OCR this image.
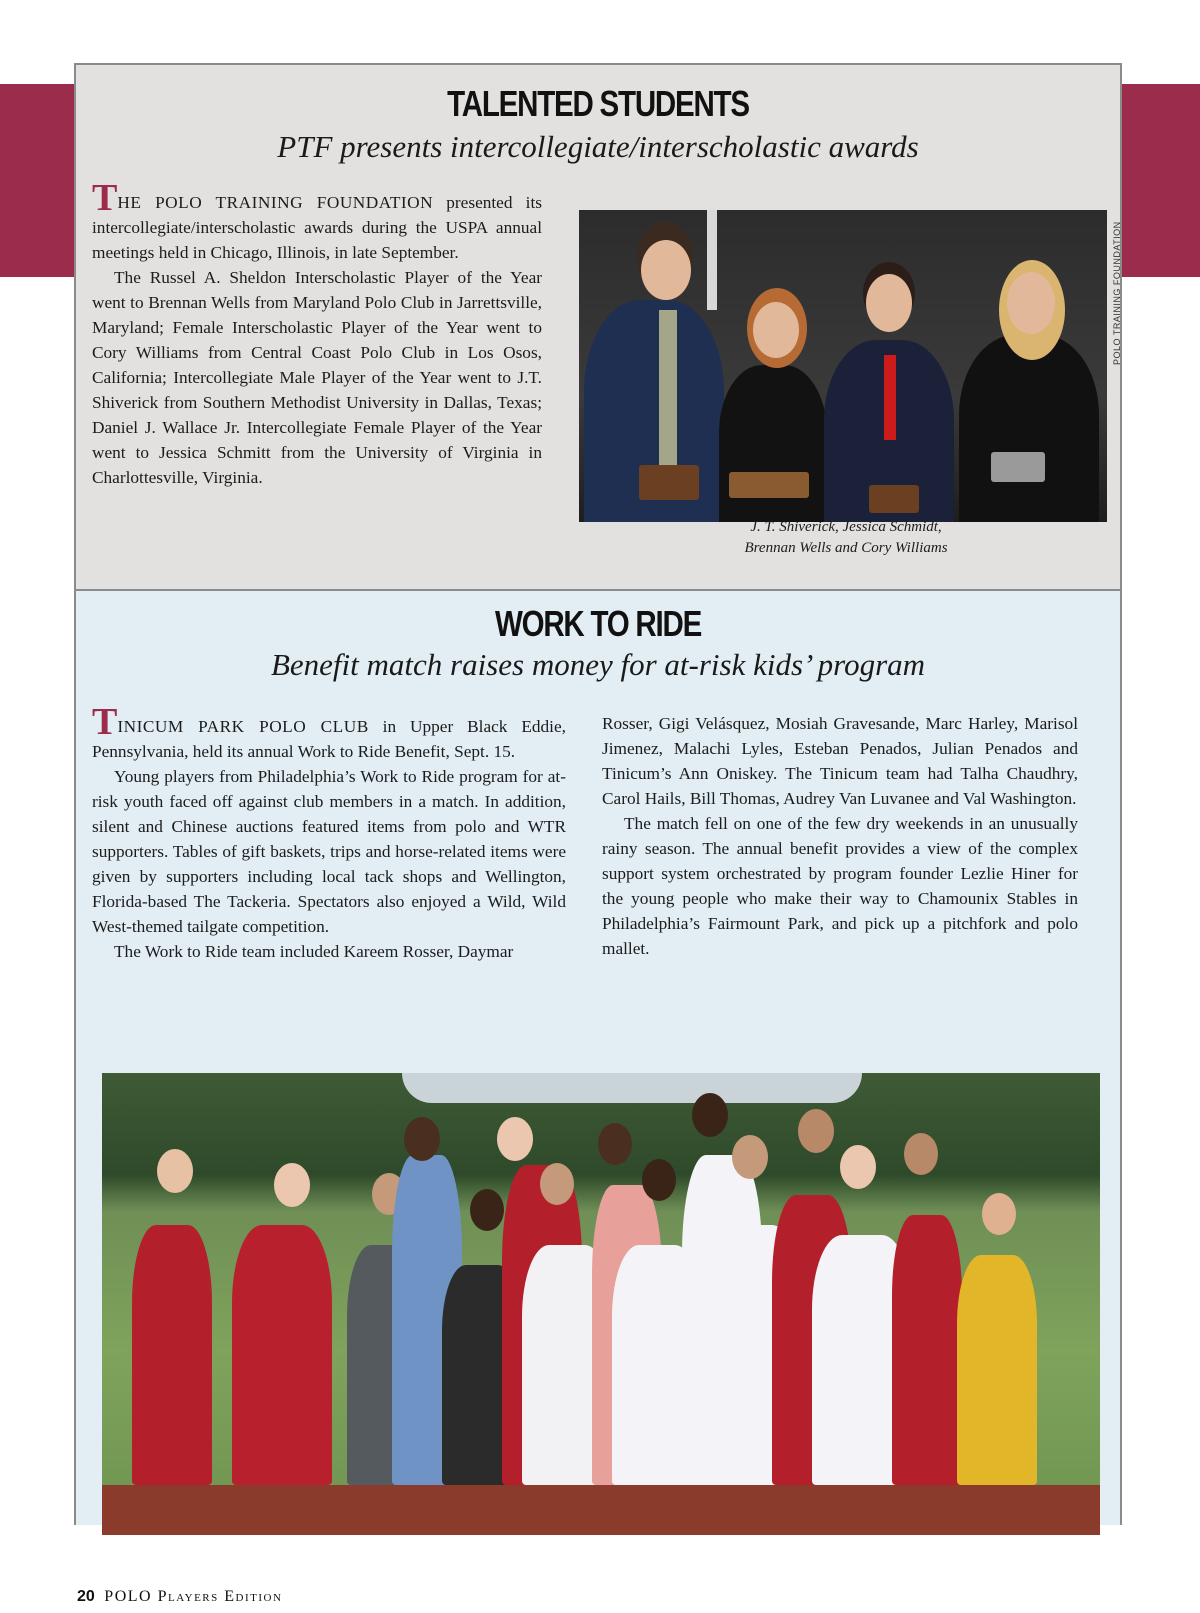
TALENTED STUDENTS
PTF presents intercollegiate/interscholastic awards

THE POLO TRAINING FOUNDATION presented its intercollegiate/interscholastic awards during the USPA annual meetings held in Chicago, Illinois, in late September.

The Russel A. Sheldon Interscholastic Player of the Year went to Brennan Wells from Maryland Polo Club in Jarrettsville, Maryland; Female Interscholastic Player of the Year went to Cory Williams from Central Coast Polo Club in Los Osos, California; Intercollegiate Male Player of the Year went to J.T. Shiverick from Southern Methodist University in Dallas, Texas; Daniel J. Wallace Jr. Intercollegiate Female Player of the Year went to Jessica Schmitt from the University of Virginia in Charlottesville, Virginia.

POLO TRAINING FOUNDATION
J. T. Shiverick, Jessica Schmidt,
Brennan Wells and Cory Williams
WORK TO RIDE
Benefit match raises money for at-risk kids’ program

TINICUM PARK POLO CLUB in Upper Black Eddie, Pennsylvania, held its annual Work to Ride Benefit, Sept. 15.

Young players from Philadelphia’s Work to Ride program for at-risk youth faced off against club members in a match. In addition, silent and Chinese auctions featured items from polo and WTR supporters. Tables of gift baskets, trips and horse-related items were given by supporters including local tack shops and Wellington, Florida-based The Tackeria. Spectators also enjoyed a Wild, Wild West-themed tailgate competition.

The Work to Ride team included Kareem Rosser, Daymar

Rosser, Gigi Velásquez, Mosiah Gravesande, Marc Harley, Marisol Jimenez, Malachi Lyles, Esteban Penados, Julian Penados and Tinicum’s Ann Oniskey. The Tinicum team had Talha Chaudhry, Carol Hails, Bill Thomas, Audrey Van Luvanee and Val Washington.

The match fell on one of the few dry weekends in an unusually rainy season. The annual benefit provides a view of the complex support system orchestrated by program founder Lezlie Hiner for the young people who make their way to Chamounix Stables in Philadelphia’s Fairmount Park, and pick up a pitchfork and polo mallet.

20 POLO Players Edition
